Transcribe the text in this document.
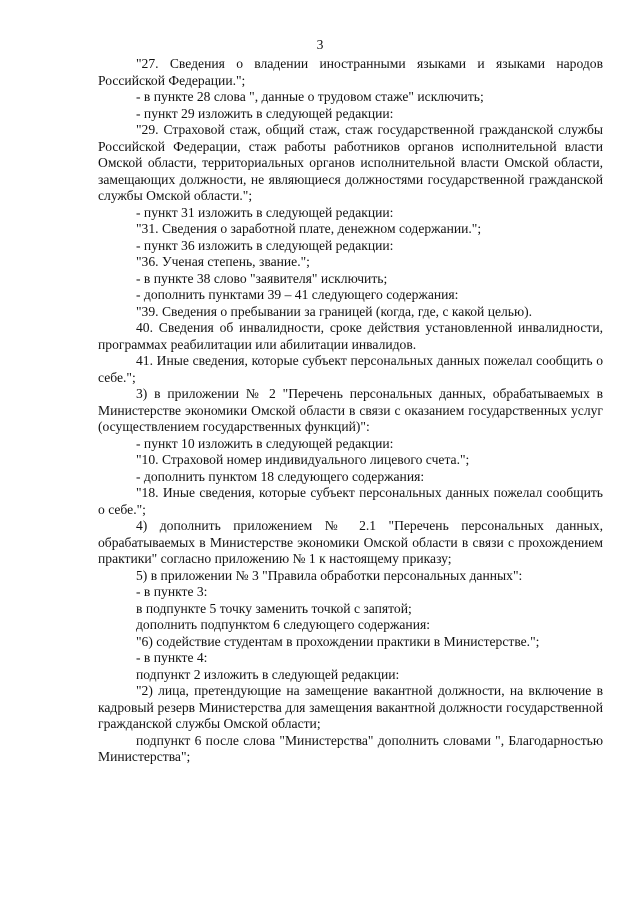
3

"27. Сведения о владении иностранными языками и языками народов Российской Федерации.";

- в пункте 28 слова ", данные о трудовом стаже" исключить;

- пункт 29 изложить в следующей редакции:

"29. Страховой стаж, общий стаж, стаж государственной гражданской службы Российской Федерации, стаж работы работников органов исполнительной власти Омской области, территориальных органов исполнительной власти Омской области, замещающих должности, не являющиеся должностями государственной гражданской службы Омской области.";

- пункт 31 изложить в следующей редакции:

"31. Сведения о заработной плате, денежном содержании.";

- пункт 36 изложить в следующей редакции:

"36. Ученая степень, звание.";

- в пункте 38 слово "заявителя" исключить;

- дополнить пунктами 39 – 41 следующего содержания:

"39. Сведения о пребывании за границей (когда, где, с какой целью).

40. Сведения об инвалидности, сроке действия установленной инвалидности, программах реабилитации или абилитации инвалидов.

41. Иные сведения, которые субъект персональных данных пожелал сообщить о себе.";

3) в приложении № 2 "Перечень персональных данных, обрабатываемых в Министерстве экономики Омской области в связи с оказанием государственных услуг (осуществлением государственных функций)":

- пункт 10 изложить в следующей редакции:

"10. Страховой номер индивидуального лицевого счета.";

- дополнить пунктом 18 следующего содержания:

"18. Иные сведения, которые субъект персональных данных пожелал сообщить о себе.";

4) дополнить приложением № 2.1 "Перечень персональных данных, обрабатываемых в Министерстве экономики Омской области в связи с прохождением практики" согласно приложению № 1 к настоящему приказу;

5) в приложении № 3 "Правила обработки персональных данных":

- в пункте 3:

в подпункте 5 точку заменить точкой с запятой;

дополнить подпунктом 6 следующего содержания:

"6) содействие студентам в прохождении практики в Министерстве.";

- в пункте 4:

подпункт 2 изложить в следующей редакции:

"2) лица, претендующие на замещение вакантной должности, на включение в кадровый резерв Министерства для замещения вакантной должности государственной гражданской службы Омской области;

подпункт 6 после слова "Министерства" дополнить словами ", Благодарностью Министерства";
